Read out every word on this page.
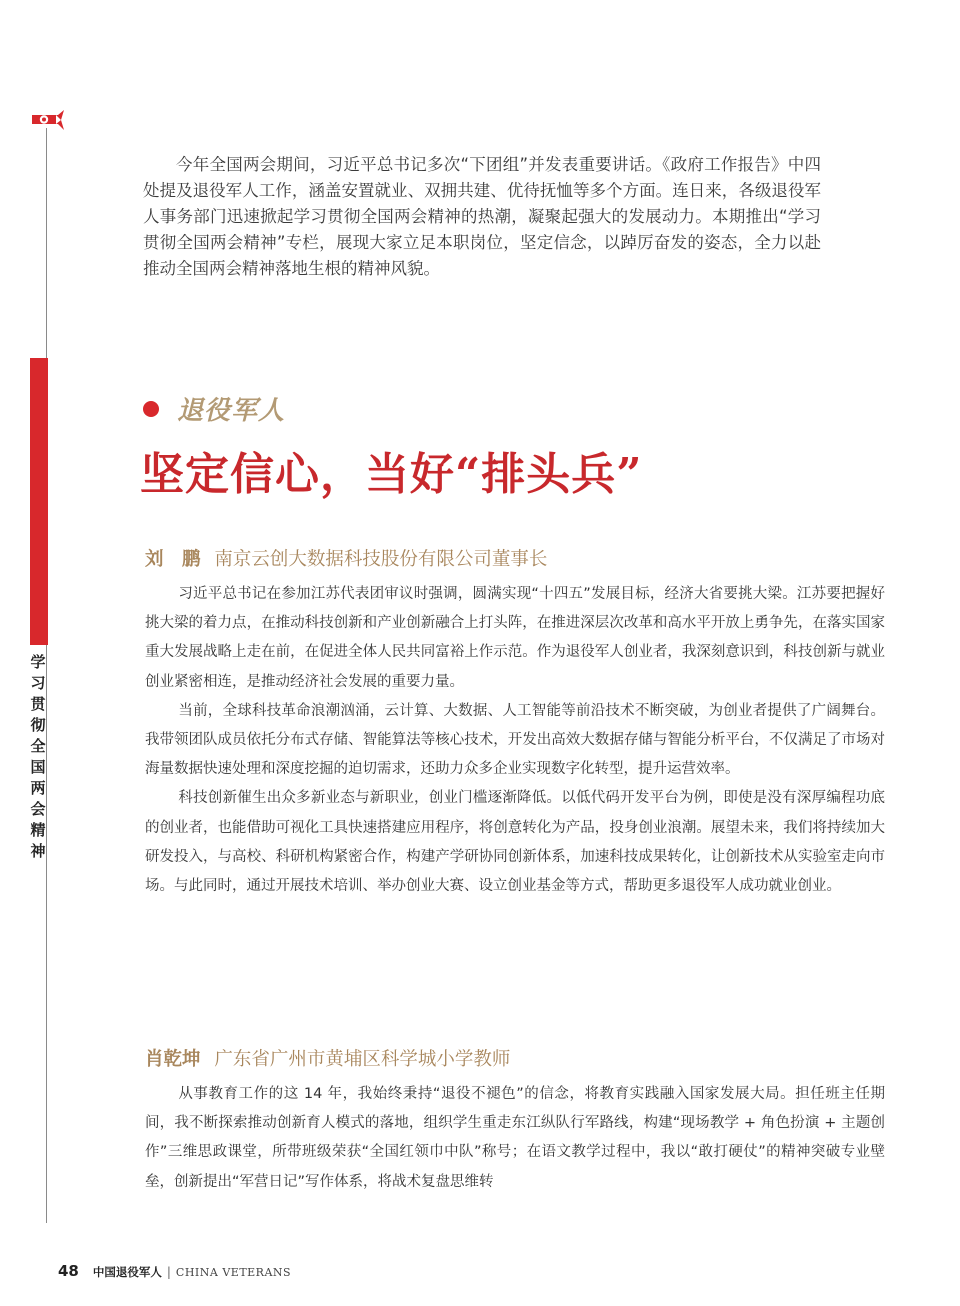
学习贯彻全国两会精神

今年全国两会期间，习近平总书记多次“下团组”并发表重要讲话。《政府工作报告》中四处提及退役军人工作，涵盖安置就业、双拥共建、优待抚恤等多个方面。连日来，各级退役军人事务部门迅速掀起学习贯彻全国两会精神的热潮，凝聚起强大的发展动力。本期推出“学习贯彻全国两会精神”专栏，展现大家立足本职岗位，坚定信念，以踔厉奋发的姿态，全力以赴推动全国两会精神落地生根的精神风貌。

退役军人
坚定信心，当好“排头兵”
刘　鹏 南京云创大数据科技股份有限公司董事长

习近平总书记在参加江苏代表团审议时强调，圆满实现“十四五”发展目标，经济大省要挑大梁。江苏要把握好挑大梁的着力点，在推动科技创新和产业创新融合上打头阵，在推进深层次改革和高水平开放上勇争先，在落实国家重大发展战略上走在前，在促进全体人民共同富裕上作示范。作为退役军人创业者，我深刻意识到，科技创新与就业创业紧密相连，是推动经济社会发展的重要力量。

当前，全球科技革命浪潮汹涌，云计算、大数据、人工智能等前沿技术不断突破，为创业者提供了广阔舞台。我带领团队成员依托分布式存储、智能算法等核心技术，开发出高效大数据存储与智能分析平台，不仅满足了市场对海量数据快速处理和深度挖掘的迫切需求，还助力众多企业实现数字化转型，提升运营效率。

科技创新催生出众多新业态与新职业，创业门槛逐渐降低。以低代码开发平台为例，即使是没有深厚编程功底的创业者，也能借助可视化工具快速搭建应用程序，将创意转化为产品，投身创业浪潮。展望未来，我们将持续加大研发投入，与高校、科研机构紧密合作，构建产学研协同创新体系，加速科技成果转化，让创新技术从实验室走向市场。与此同时，通过开展技术培训、举办创业大赛、设立创业基金等方式，帮助更多退役军人成功就业创业。

肖乾坤 广东省广州市黄埔区科学城小学教师

从事教育工作的这 14 年，我始终秉持“退役不褪色”的信念，将教育实践融入国家发展大局。担任班主任期间，我不断探索推动创新育人模式的落地，组织学生重走东江纵队行军路线，构建“现场教学 + 角色扮演 + 主题创作”三维思政课堂，所带班级荣获“全国红领巾中队”称号；在语文教学过程中，我以“敢打硬仗”的精神突破专业壁垒，创新提出“军营日记”写作体系，将战术复盘思维转

48 中国退役军人 | CHINA VETERANS
